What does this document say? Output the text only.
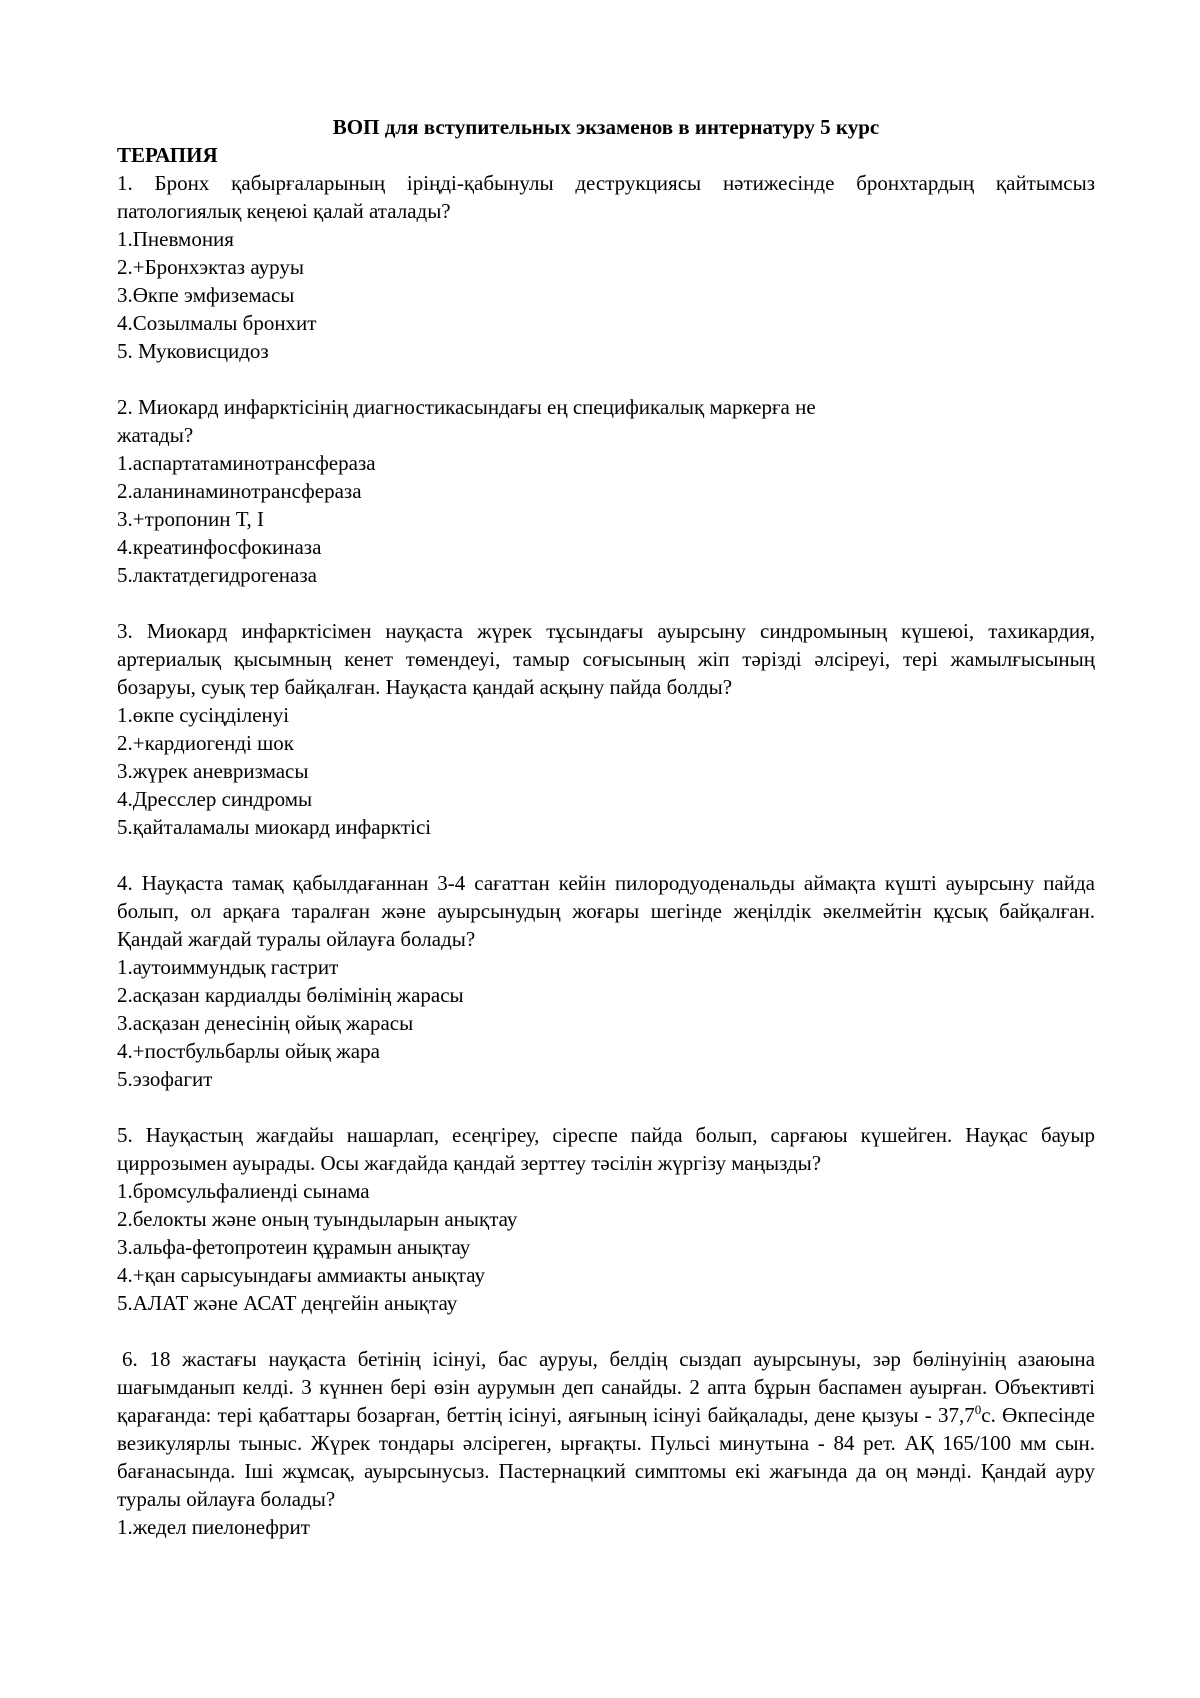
ВОП для вступительных экзаменов в интернатуру 5 курс

ТЕРАПИЯ

1. Бронх қабырғаларының іріңді-қабынулы деструкциясы нәтижесінде бронхтардың қайтымсыз патологиялық кеңеюі қалай аталады?

1.Пневмония

2.+Бронхэктаз ауруы

3.Өкпе эмфиземасы

4.Созылмалы бронхит

5. Муковисцидоз

2. Миокард инфарктісінің диагностикасындағы ең спецификалық маркерға не

жатады?

1.аспартатаминотрансфераза

2.аланинаминотрансфераза

3.+тропонин Т, І

4.креатинфосфокиназа

5.лактатдегидрогеназа

3. Миокард инфарктісімен науқаста жүрек тұсындағы ауырсыну синдромының күшеюі, тахикардия, артериалық қысымның кенет төмендеуі, тамыр соғысының жіп тәрізді әлсіреуі, тері жамылғысының бозаруы, суық тер байқалған. Науқаста қандай асқыну пайда болды?

1.өкпе сусіңділенуі

2.+кардиогенді шок

3.жүрек аневризмасы

4.Дресслер синдромы

5.қайталамалы миокард инфарктісі

4. Науқаста тамақ қабылдағаннан 3-4 сағаттан кейін пилородуоденальды аймақта күшті ауырсыну пайда болып, ол арқаға таралған және ауырсынудың жоғары шегінде жеңілдік әкелмейтін құсық байқалған. Қандай жағдай туралы ойлауға болады?

1.аутоиммундық гастрит

2.асқазан кардиалды бөлімінің жарасы

3.асқазан денесінің ойық жарасы

4.+постбульбарлы ойық жара

5.эзофагит

5. Науқастың жағдайы нашарлап, есеңгіреу, сіреспе пайда болып, сарғаюы күшейген. Науқас бауыр циррозымен ауырады. Осы жағдайда қандай зерттеу тәсілін жүргізу маңызды?

1.бромсульфалиенді сынама

2.белокты және оның туындыларын анықтау

3.альфа-фетопротеин құрамын анықтау

4.+қан сарысуындағы аммиакты анықтау

5.АЛАТ және АСАТ деңгейін анықтау

6. 18 жастағы науқаста бетінің ісінуі, бас ауруы, белдің сыздап ауырсынуы, зәр бөлінуінің азаюына шағымданып келді. 3 күннен бері өзін аурумын деп санайды. 2 апта бұрын баспамен ауырған. Объективті қарағанда: тері қабаттары бозарған, беттің ісінуі, аяғының ісінуі байқалады, дене қызуы - 37,7$^0$с. Өкпесінде везикулярлы тыныс. Жүрек тондары әлсіреген, ырғақты. Пульсі минутына - 84 рет. АҚ 165/100 мм сын. бағанасында. Іші жұмсақ, ауырсынусыз. Пастернацкий симптомы екі жағында да оң мәнді. Қандай ауру туралы ойлауға болады?

1.жедел пиелонефрит
